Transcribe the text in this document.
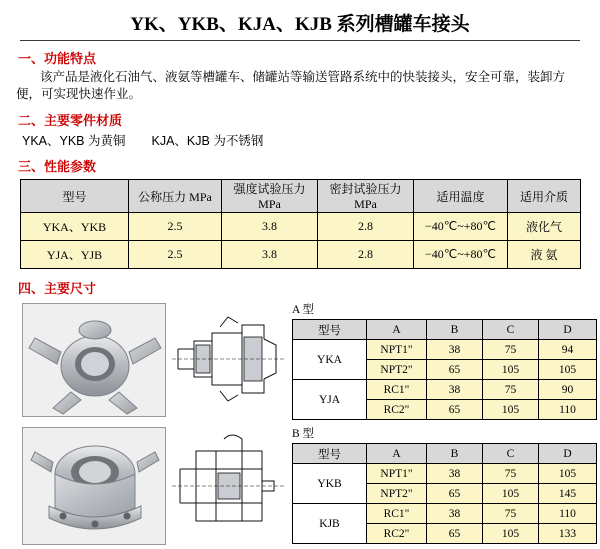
YK、YKB、KJA、KJB 系列槽罐车接头
一、功能特点
该产品是液化石油气、液氨等槽罐车、储罐站等输送管路系统中的快装接头，安全可靠，装卸方便，可实现快速作业。
二、主要零件材质
YKA、YKB 为黄铜 KJA、KJB 为不锈钢
三、性能参数
型号	公称压力 MPa	强度试验压力 MPa	密封试验压力 MPa	适用温度	适用介质
YKA、YKB	2.5	3.8	2.8	−40℃~+80℃	液化气
YJA、YJB	2.5	3.8	2.8	−40℃~+80℃	液 氨
四、主要尺寸
A 型
型号	A	B	C	D
YKA	NPT1"	38	75	94
	NPT2"	65	105	105
YJA	RC1"	38	75	90
	RC2"	65	105	110
B 型
型号	A	B	C	D
YKB	NPT1"	38	75	105
	NPT2"	65	105	145
KJB	RC1"	38	75	110
	RC2"	65	105	133
